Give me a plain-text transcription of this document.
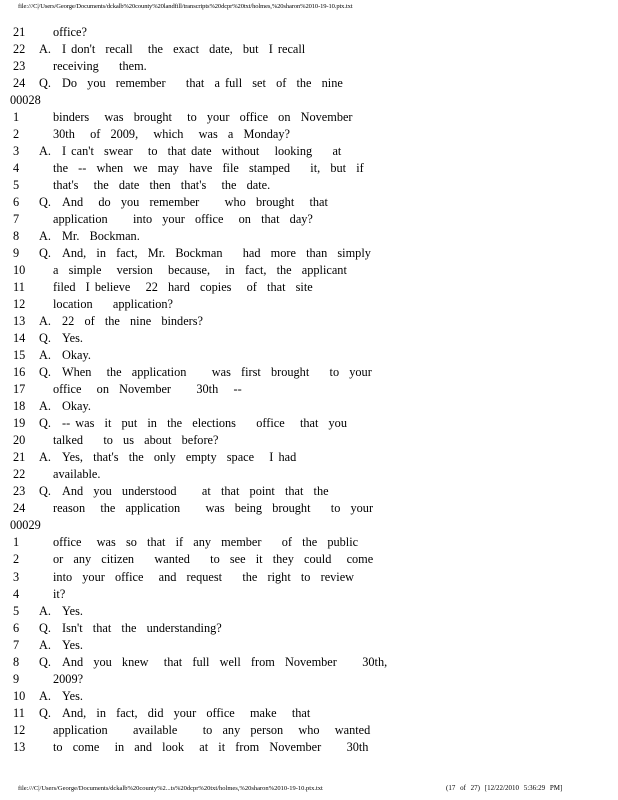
file:///C|/Users/George/Documents/dckalb%20county%20landfill/transcripts%20dcpr%20txt/holmes,%20sharon%2010-19-10.ptx.txt
21	office?
22	A. I don't  recall   the  exact  date,  but  I recall
23	receiving    them.
24	Q. Do  you  remember    that  a full  set  of  the  nine
00028
1	binders   was  brought   to  your  office  on  November
2	30th   of  2009,   which   was  a  Monday?
3	A. I can't  swear   to  that date  without   looking    at
4	the  --  when  we  may  have  file  stamped    it,  but  if
5	that's   the  date  then  that's   the  date.
6	Q. And   do  you  remember     who  brought   that
7	application     into  your  office   on  that  day?
8	A. Mr.  Bockman.
9	Q. And,  in  fact,  Mr.  Bockman    had  more  than  simply
10	a  simple   version   because,   in  fact,  the  applicant
11	filed  I believe   22  hard  copies   of  that  site
12	location    application?
13	A. 22  of  the  nine  binders?
14	Q. Yes.
15	A. Okay.
16	Q. When   the  application     was  first  brought    to  your
17	office   on  November     30th   --
18	A. Okay.
19	Q. -- was  it  put  in  the  elections    office   that  you
20	talked    to  us  about  before?
21	A. Yes,  that's  the  only  empty  space   I had
22	available.
23	Q. And  you  understood     at  that  point  that  the
24	reason   the  application     was  being  brought    to  your
00029
1	office   was  so  that  if  any  member    of  the  public
2	or  any  citizen    wanted    to  see  it  they  could   come
3	into  your  office   and  request    the  right  to  review
4	it?
5	A. Yes.
6	Q. Isn't  that  the  understanding?
7	A. Yes.
8	Q. And  you  knew   that  full  well  from  November     30th,
9	2009?
10	A. Yes.
11	Q. And,  in  fact,  did  your  office   make   that
12	application     available     to  any  person   who   wanted
13	to  come   in  and  look   at  it  from  November     30th
file:///C|/Users/George/Documents/dckalb%20county%2...ts%20dcpr%20txt/holmes,%20sharon%2010-19-10.ptx.txt	(17 of 27) [12/22/2010 5:36:29 PM]
